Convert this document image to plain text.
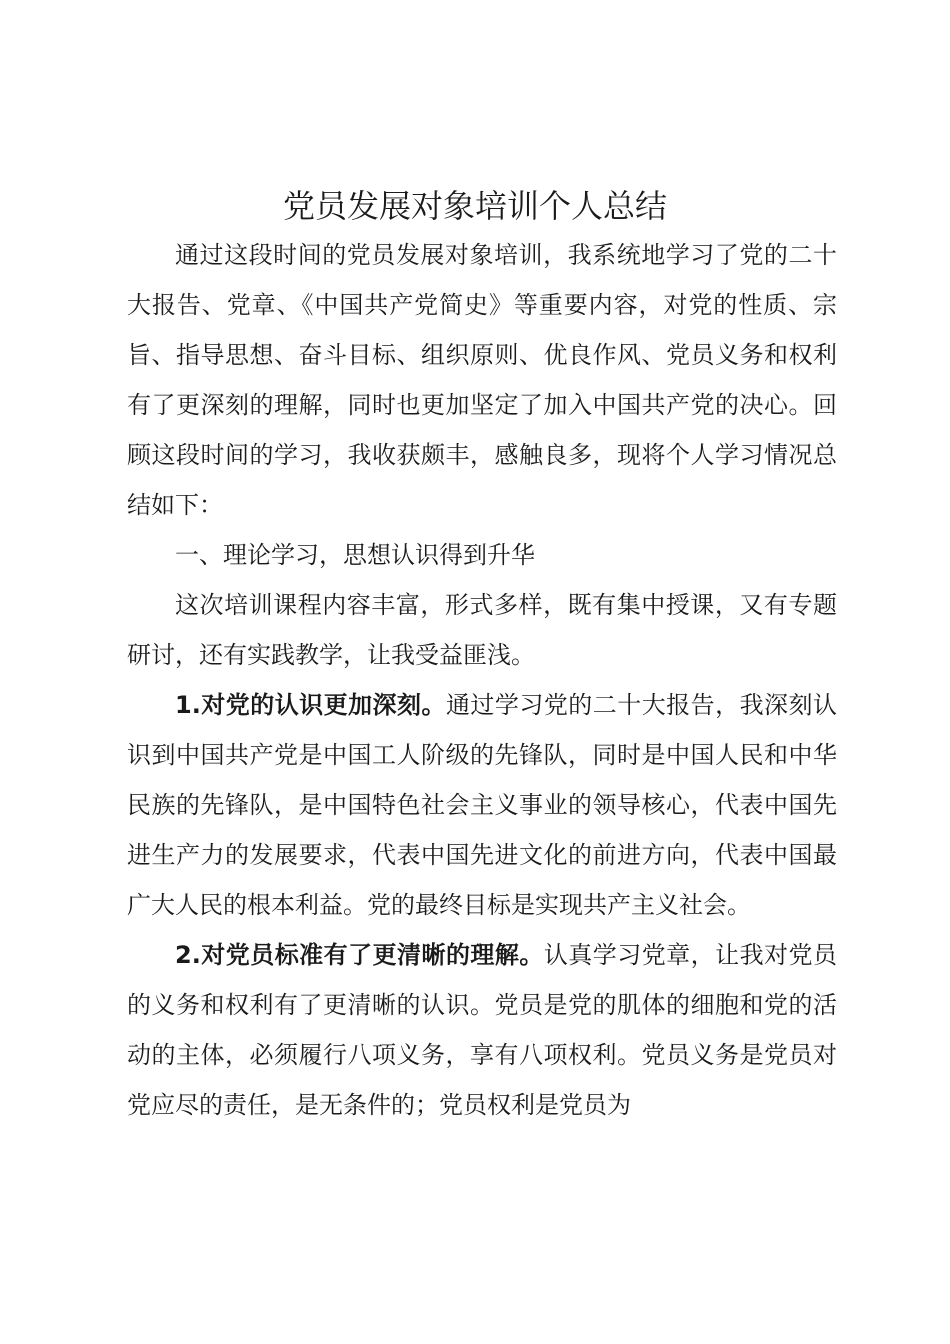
党员发展对象培训个人总结

通过这段时间的党员发展对象培训，我系统地学习了党的二十大报告、党章、《中国共产党简史》等重要内容，对党的性质、宗旨、指导思想、奋斗目标、组织原则、优良作风、党员义务和权利有了更深刻的理解，同时也更加坚定了加入中国共产党的决心。回顾这段时间的学习，我收获颇丰，感触良多，现将个人学习情况总结如下：

一、理论学习，思想认识得到升华

这次培训课程内容丰富，形式多样，既有集中授课，又有专题研讨，还有实践教学，让我受益匪浅。

1.对党的认识更加深刻。通过学习党的二十大报告，我深刻认识到中国共产党是中国工人阶级的先锋队，同时是中国人民和中华民族的先锋队，是中国特色社会主义事业的领导核心，代表中国先进生产力的发展要求，代表中国先进文化的前进方向，代表中国最广大人民的根本利益。党的最终目标是实现共产主义社会。

2.对党员标准有了更清晰的理解。认真学习党章，让我对党员的义务和权利有了更清晰的认识。党员是党的肌体的细胞和党的活动的主体，必须履行八项义务，享有八项权利。党员义务是党员对党应尽的责任，是无条件的；党员权利是党员为
